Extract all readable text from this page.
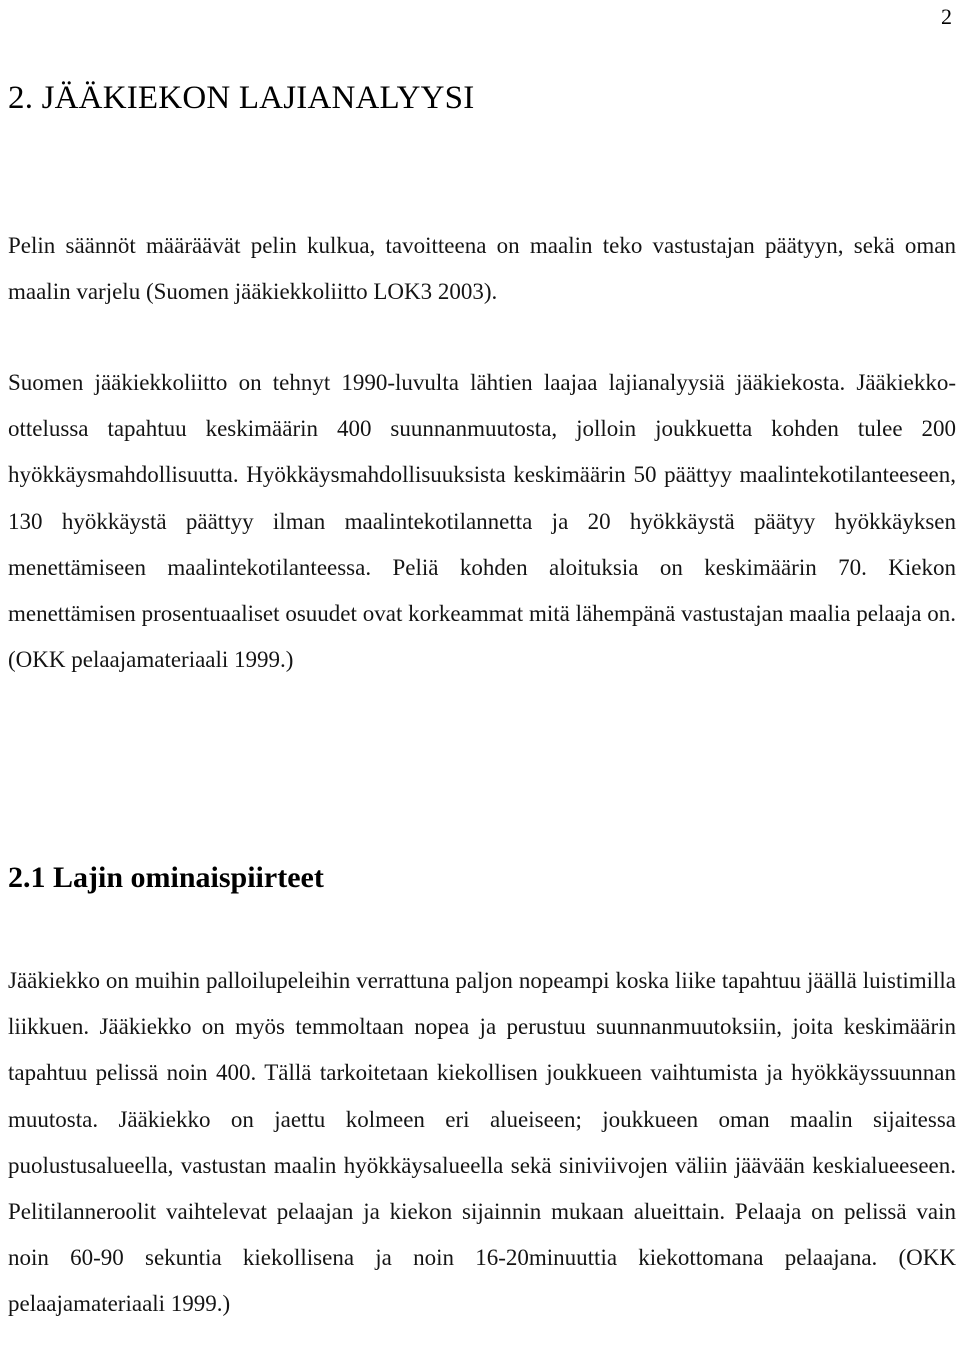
2
2. JÄÄKIEKON LAJIANALYYSI

Pelin säännöt määräävät pelin kulkua, tavoitteena on maalin teko vastustajan päätyyn, sekä oman maalin varjelu (Suomen jääkiekkoliitto LOK3 2003).

Suomen jääkiekkoliitto on tehnyt 1990-luvulta lähtien laajaa lajianalyysiä jääkiekosta. Jääkiekko-ottelussa tapahtuu keskimäärin 400 suunnanmuutosta, jolloin joukkuetta kohden tulee 200 hyökkäysmahdollisuutta. Hyökkäysmahdollisuuksista keskimäärin 50 päättyy maalintekotilanteeseen, 130 hyökkäystä päättyy ilman maalintekotilannetta ja 20 hyökkäystä päätyy hyökkäyksen menettämiseen maalintekotilanteessa. Peliä kohden aloituksia on keskimäärin 70. Kiekon menettämisen prosentuaaliset osuudet ovat korkeammat mitä lähempänä vastustajan maalia pelaaja on. (OKK pelaajamateriaali 1999.)

2.1 Lajin ominaispiirteet

Jääkiekko on muihin palloilupeleihin verrattuna paljon nopeampi koska liike tapahtuu jäällä luistimilla liikkuen. Jääkiekko on myös temmoltaan nopea ja perustuu suunnanmuutoksiin, joita keskimäärin tapahtuu pelissä noin 400. Tällä tarkoitetaan kiekollisen joukkueen vaihtumista ja hyökkäyssuunnan muutosta. Jääkiekko on jaettu kolmeen eri alueiseen; joukkueen oman maalin sijaitessa puolustusalueella, vastustan maalin hyökkäysalueella sekä siniviivojen väliin jäävään keskialueeseen. Pelitilanneroolit vaihtelevat pelaajan ja kiekon sijainnin mukaan alueittain. Pelaaja on pelissä vain noin 60-90 sekuntia kiekollisena ja noin 16-20minuuttia kiekottomana pelaajana. (OKK pelaajamateriaali 1999.)
